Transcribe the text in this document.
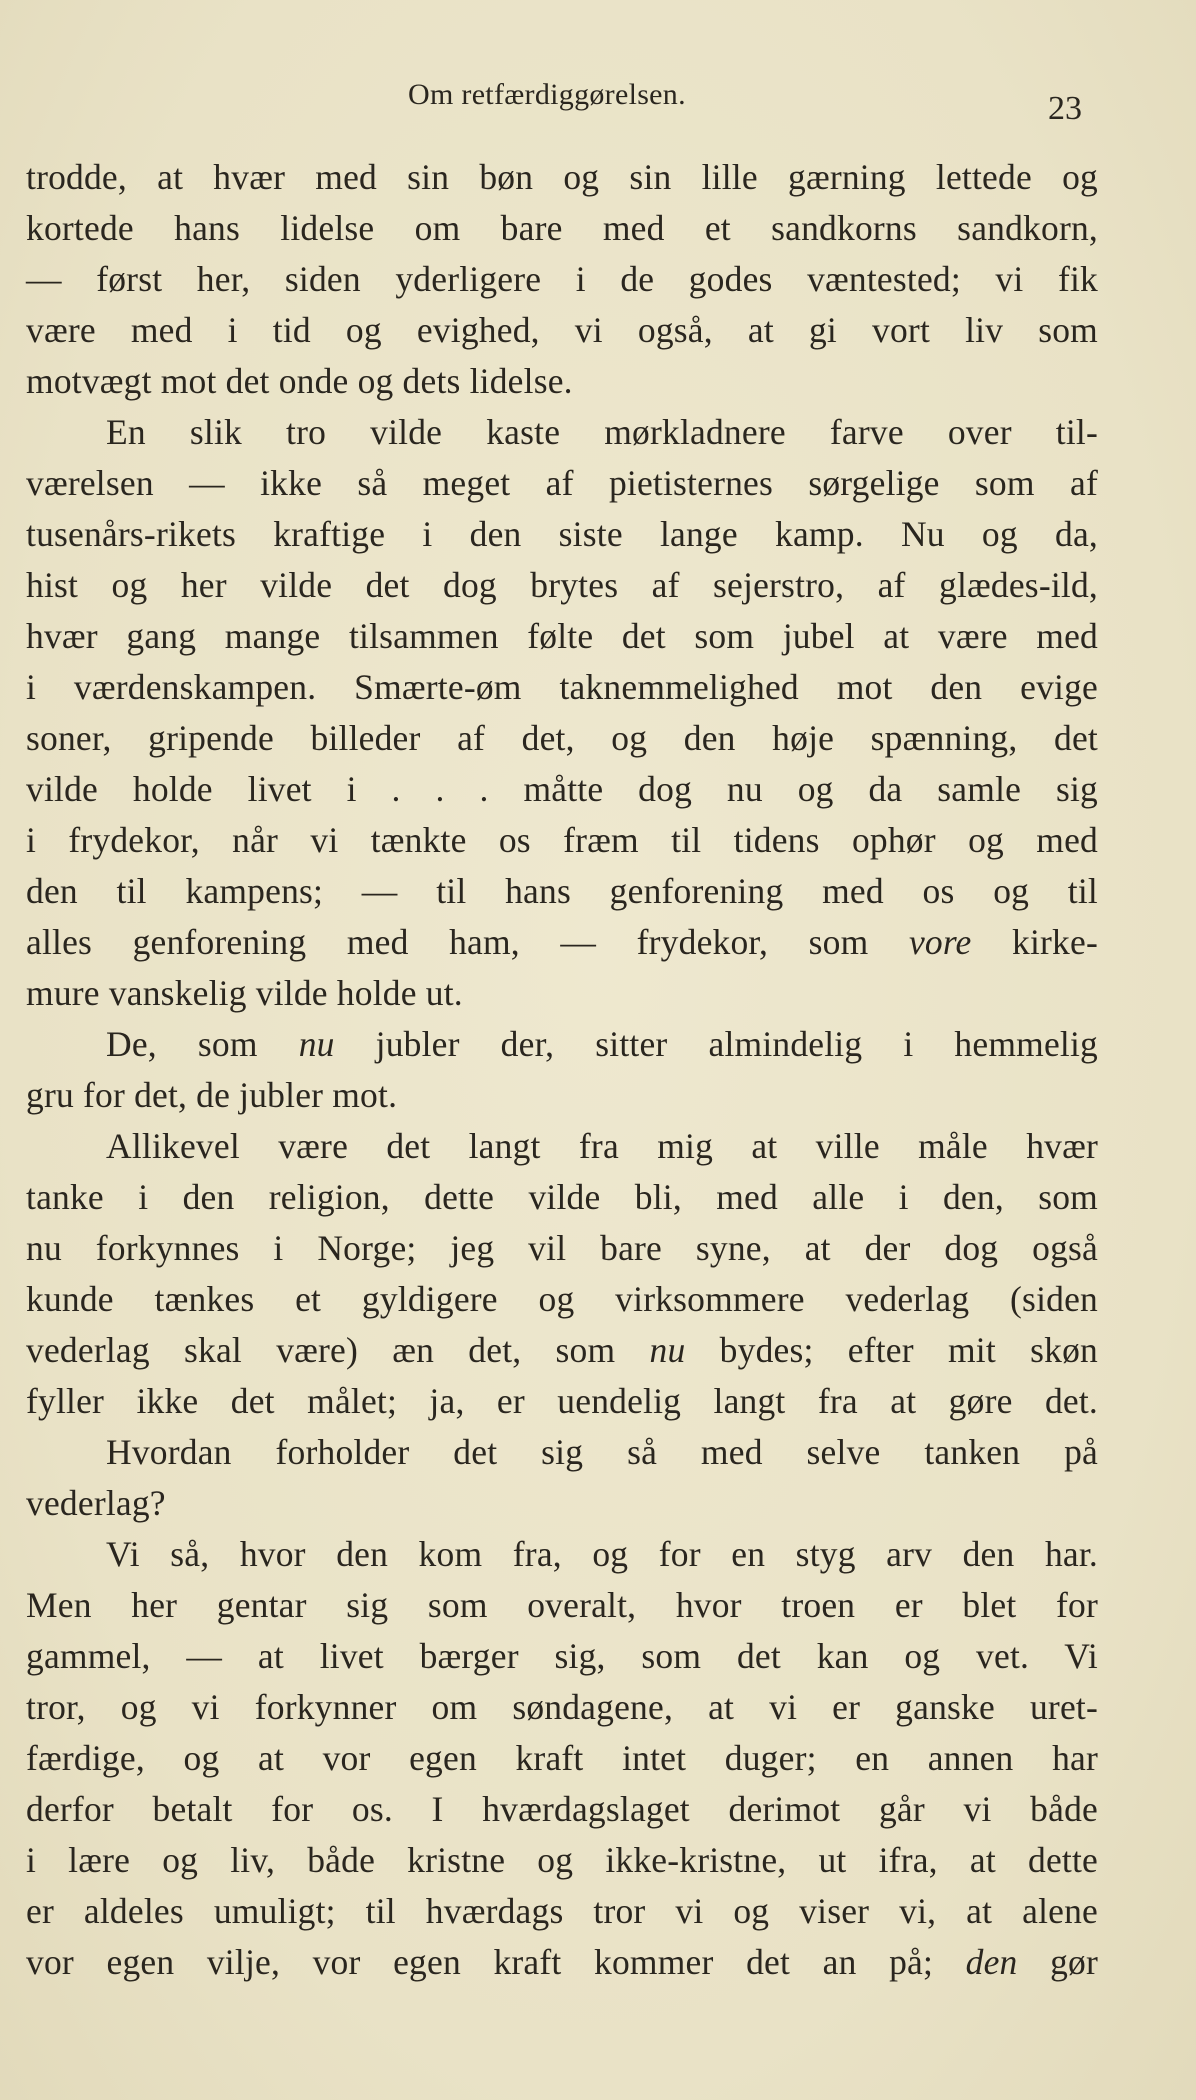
Om retfærdiggørelsen.	23
trodde, at hvær med sin bøn og sin lille gærning lettede og
kortede hans lidelse om bare med et sandkorns sandkorn,
— først her, siden yderligere i de godes væntested; vi fik
være med i tid og evighed, vi også, at gi vort liv som
motvægt mot det onde og dets lidelse.
En slik tro vilde kaste mørkladnere farve over til-
værelsen — ikke så meget af pietisternes sørgelige som af
tusenårs-rikets kraftige i den siste lange kamp. Nu og da,
hist og her vilde det dog brytes af sejerstro, af glædes-ild,
hvær gang mange tilsammen følte det som jubel at være med
i værdenskampen. Smærte-øm taknemmelighed mot den evige
soner, gripende billeder af det, og den høje spænning, det
vilde holde livet i . . . måtte dog nu og da samle sig
i frydekor, når vi tænkte os fræm til tidens ophør og med
den til kampens; — til hans genforening med os og til
alles genforening med ham, — frydekor, som vore kirke-
mure vanskelig vilde holde ut.
De, som nu jubler der, sitter almindelig i hemmelig
gru for det, de jubler mot.
Allikevel være det langt fra mig at ville måle hvær
tanke i den religion, dette vilde bli, med alle i den, som
nu forkynnes i Norge; jeg vil bare syne, at der dog også
kunde tænkes et gyldigere og virksommere vederlag (siden
vederlag skal være) æn det, som nu bydes; efter mit skøn
fyller ikke det målet; ja, er uendelig langt fra at gøre det.
Hvordan forholder det sig så med selve tanken på
vederlag?
Vi så, hvor den kom fra, og for en styg arv den har.
Men her gentar sig som overalt, hvor troen er blet for
gammel, — at livet bærger sig, som det kan og vet. Vi
tror, og vi forkynner om søndagene, at vi er ganske uret-
færdige, og at vor egen kraft intet duger; en annen har
derfor betalt for os. I hværdagslaget derimot går vi både
i lære og liv, både kristne og ikke-kristne, ut ifra, at dette
er aldeles umuligt; til hværdags tror vi og viser vi, at alene
vor egen vilje, vor egen kraft kommer det an på; den gør
